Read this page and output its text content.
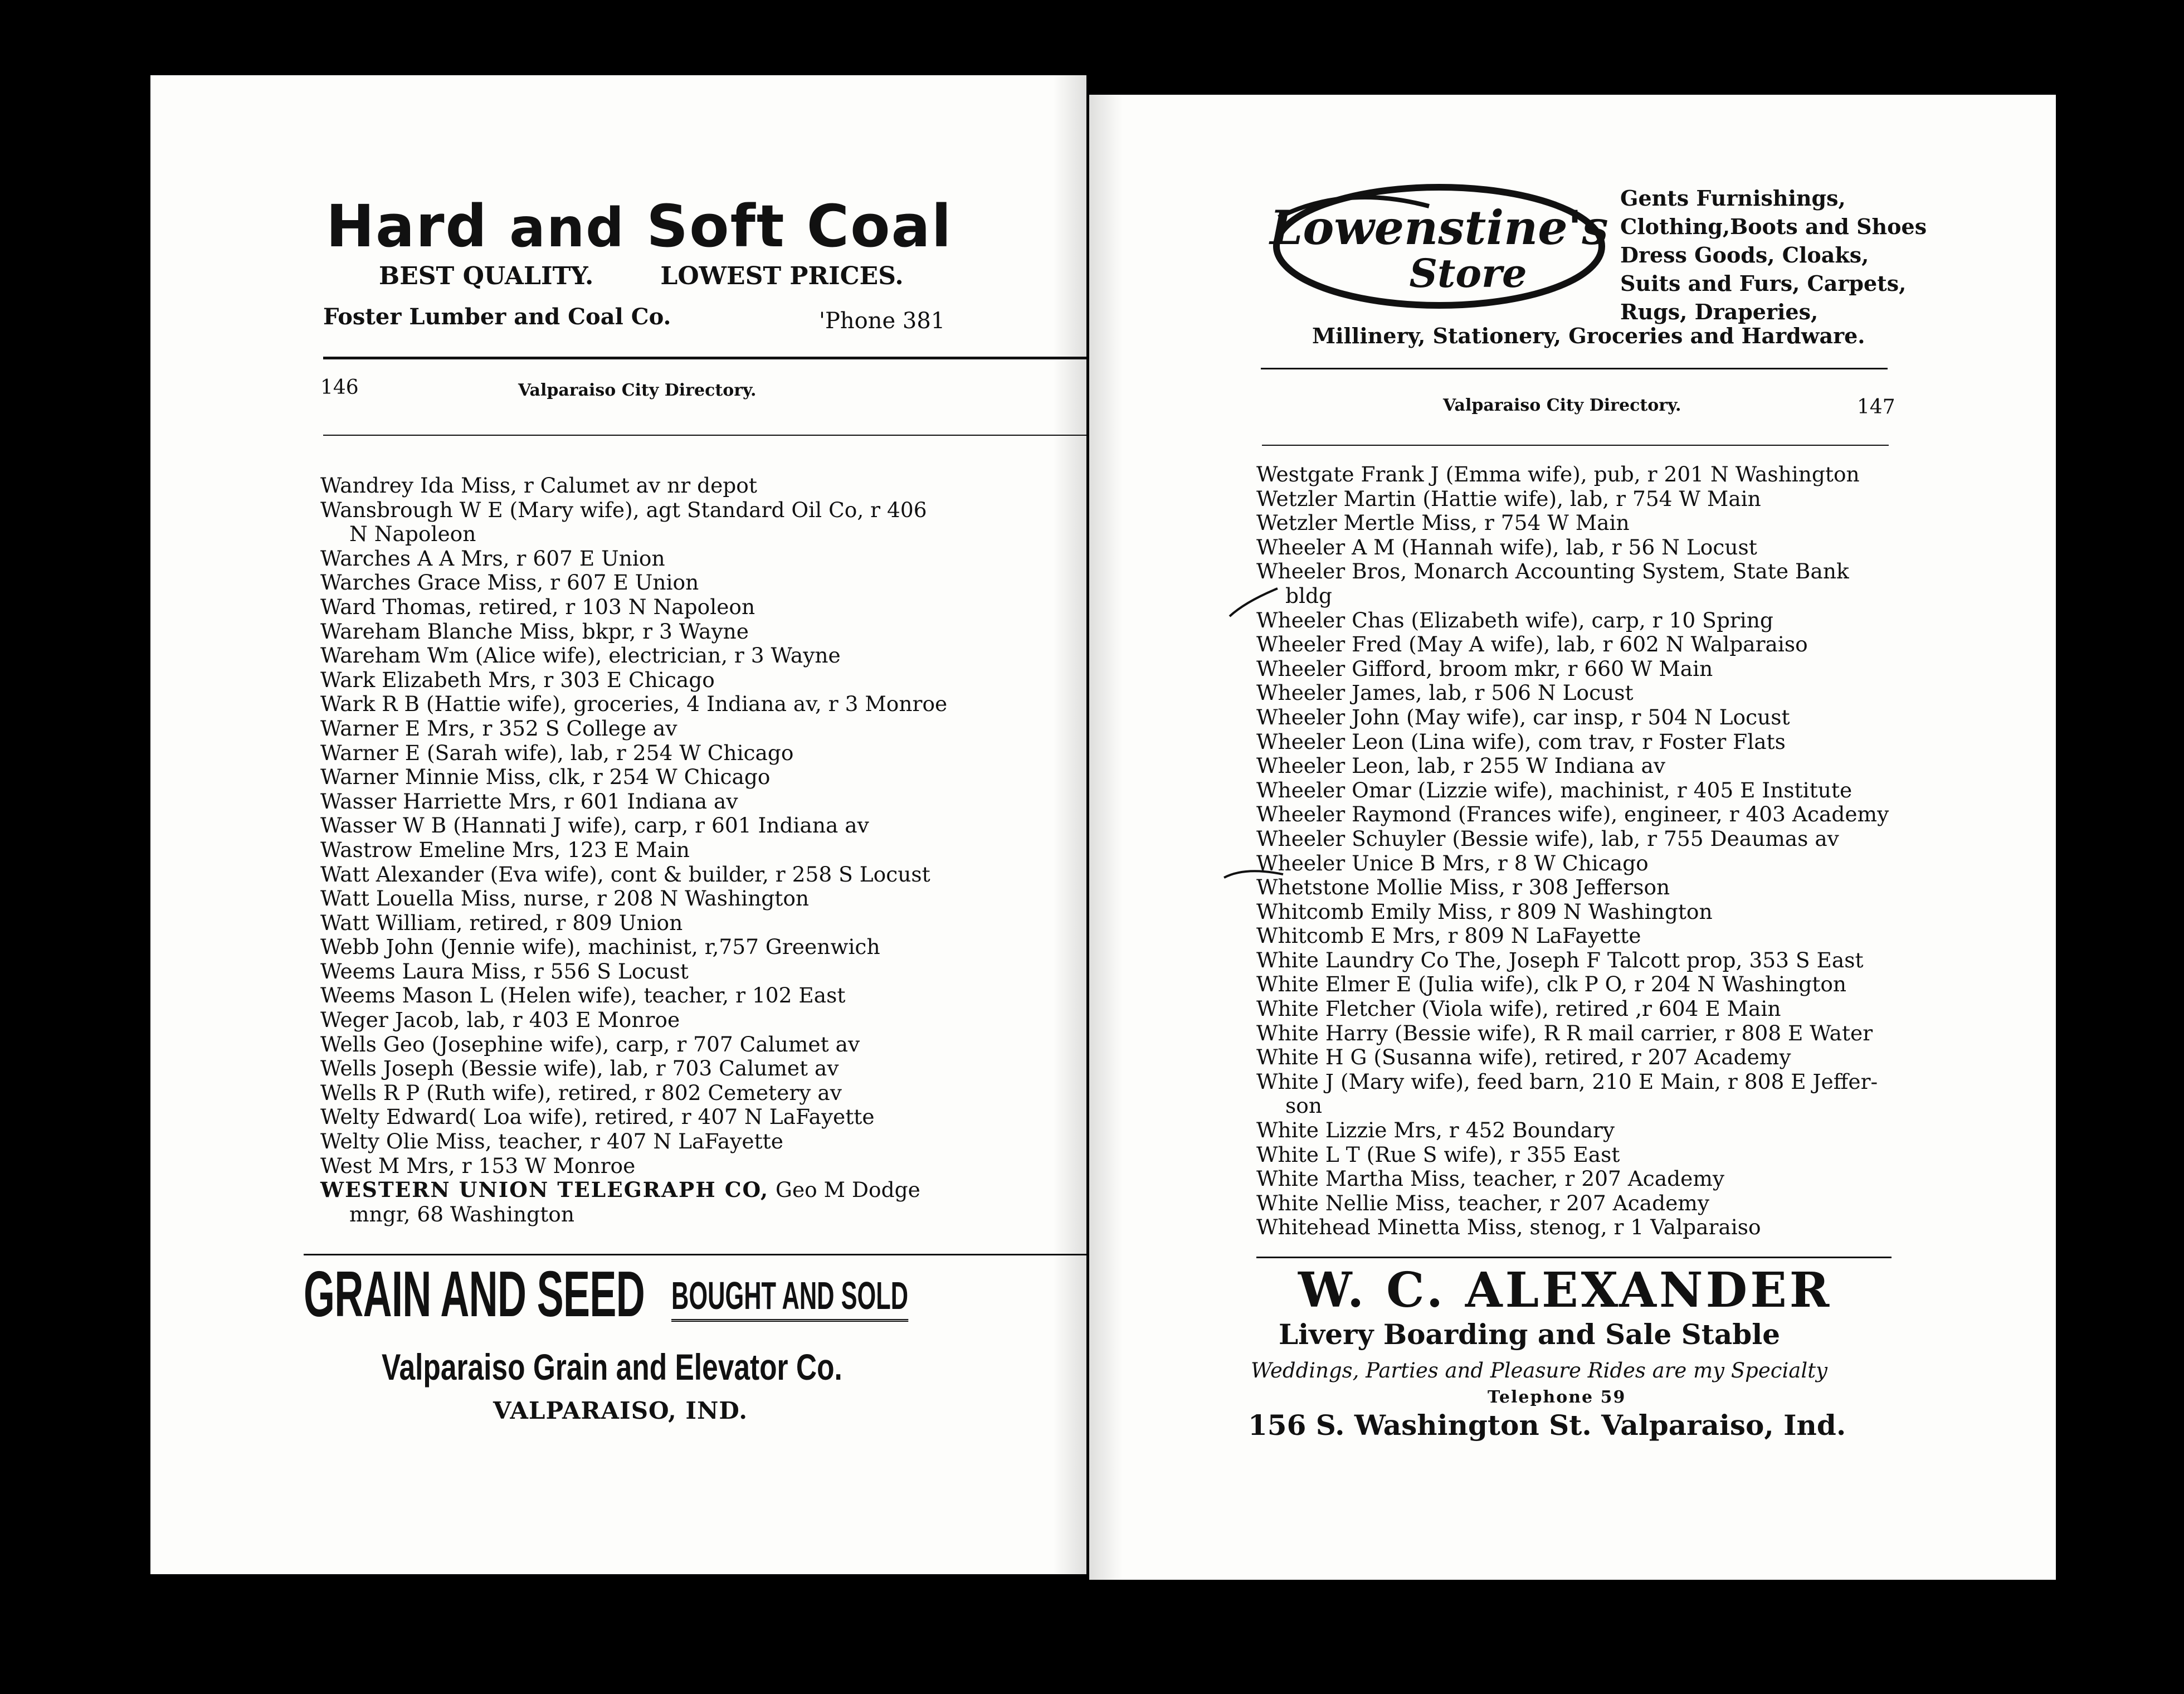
Hard and Soft Coal
BEST QUALITY.	LOWEST PRICES.
Foster Lumber and Coal Co.	'Phone 381
146	Valparaiso City Directory.
Wandrey Ida Miss, r Calumet av nr depot
Wansbrough W E (Mary wife), agt Standard Oil Co, r 406
N Napoleon
Warches A A Mrs, r 607 E Union
Warches Grace Miss, r 607 E Union
Ward Thomas, retired, r 103 N Napoleon
Wareham Blanche Miss, bkpr, r 3 Wayne
Wareham Wm (Alice wife), electrician, r 3 Wayne
Wark Elizabeth Mrs, r 303 E Chicago
Wark R B (Hattie wife), groceries, 4 Indiana av, r 3 Monroe
Warner E Mrs, r 352 S College av
Warner E (Sarah wife), lab, r 254 W Chicago
Warner Minnie Miss, clk, r 254 W Chicago
Wasser Harriette Mrs, r 601 Indiana av
Wasser W B (Hannati J wife), carp, r 601 Indiana av
Wastrow Emeline Mrs, 123 E Main
Watt Alexander (Eva wife), cont & builder, r 258 S Locust
Watt Louella Miss, nurse, r 208 N Washington
Watt William, retired, r 809 Union
Webb John (Jennie wife), machinist, r,757 Greenwich
Weems Laura Miss, r 556 S Locust
Weems Mason L (Helen wife), teacher, r 102 East
Weger Jacob, lab, r 403 E Monroe
Wells Geo (Josephine wife), carp, r 707 Calumet av
Wells Joseph (Bessie wife), lab, r 703 Calumet av
Wells R P (Ruth wife), retired, r 802 Cemetery av
Welty Edward( Loa wife), retired, r 407 N LaFayette
Welty Olie Miss, teacher, r 407 N LaFayette
West M Mrs, r 153 W Monroe
WESTERN UNION TELEGRAPH CO, Geo M Dodge
mngr, 68 Washington
GRAIN AND SEED BOUGHT AND SOLD
Valparaiso Grain and Elevator Co.
VALPARAISO, IND.
Lowenstine's
Store
Gents Furnishings,
Clothing,Boots and Shoes
Dress Goods, Cloaks,
Suits and Furs, Carpets,
Rugs, Draperies,
Millinery, Stationery, Groceries and Hardware.
Valparaiso City Directory.	147
Westgate Frank J (Emma wife), pub, r 201 N Washington
Wetzler Martin (Hattie wife), lab, r 754 W Main
Wetzler Mertle Miss, r 754 W Main
Wheeler A M (Hannah wife), lab, r 56 N Locust
Wheeler Bros, Monarch Accounting System, State Bank
bldg
Wheeler Chas (Elizabeth wife), carp, r 10 Spring
Wheeler Fred (May A wife), lab, r 602 N Walparaiso
Wheeler Gifford, broom mkr, r 660 W Main
Wheeler James, lab, r 506 N Locust
Wheeler John (May wife), car insp, r 504 N Locust
Wheeler Leon (Lina wife), com trav, r Foster Flats
Wheeler Leon, lab, r 255 W Indiana av
Wheeler Omar (Lizzie wife), machinist, r 405 E Institute
Wheeler Raymond (Frances wife), engineer, r 403 Academy
Wheeler Schuyler (Bessie wife), lab, r 755 Deaumas av
Wheeler Unice B Mrs, r 8 W Chicago
Whetstone Mollie Miss, r 308 Jefferson
Whitcomb Emily Miss, r 809 N Washington
Whitcomb E Mrs, r 809 N LaFayette
White Laundry Co The, Joseph F Talcott prop, 353 S East
White Elmer E (Julia wife), clk P O, r 204 N Washington
White Fletcher (Viola wife), retired ,r 604 E Main
White Harry (Bessie wife), R R mail carrier, r 808 E Water
White H G (Susanna wife), retired, r 207 Academy
White J (Mary wife), feed barn, 210 E Main, r 808 E Jeffer-
son
White Lizzie Mrs, r 452 Boundary
White L T (Rue S wife), r 355 East
White Martha Miss, teacher, r 207 Academy
White Nellie Miss, teacher, r 207 Academy
Whitehead Minetta Miss, stenog, r 1 Valparaiso
W. C. ALEXANDER
Livery Boarding and Sale Stable
Weddings, Parties and Pleasure Rides are my Specialty
Telephone 59
156 S. Washington St. Valparaiso, Ind.
